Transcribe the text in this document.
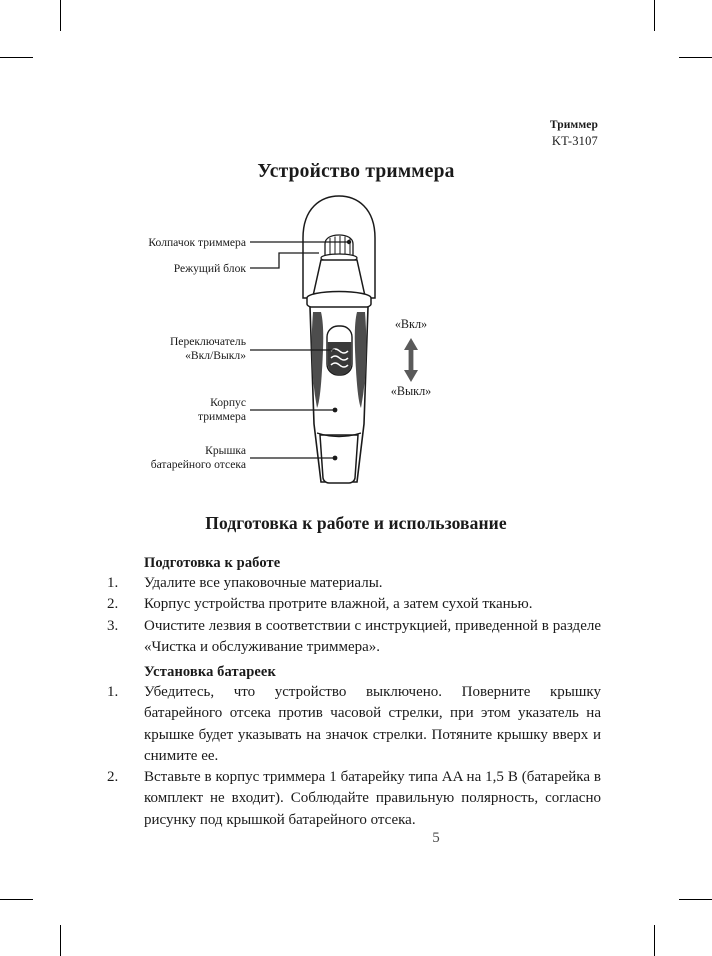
Триммер
KT-3107
Устройство триммера
Колпачок триммера
Режущий блок
Переключатель
«Вкл/Выкл»
Корпус
триммера
Крышка
батарейного отсека
«Вкл»
«Выкл»
Подготовка к работе и использование
Подготовка к работе
1.	Удалите все упаковочные материалы.
2.	Корпус устройства протрите влажной, а затем сухой тканью.
3.	Очистите лезвия в соответствии с инструкцией, приведенной в разделе «Чистка и обслуживание триммера».
Установка батареек
1.	Убедитесь, что устройство выключено. Поверните крышку батарейного отсека против часовой стрелки, при этом указатель на крышке будет указывать на значок стрелки. Потяните крышку вверх и снимите ее.
2.	Вставьте в корпус триммера 1 батарейку типа AA на 1,5 В (батарейка в комплект не входит). Соблюдайте правильную полярность, согласно рисунку под крышкой батарейного отсека.
5
